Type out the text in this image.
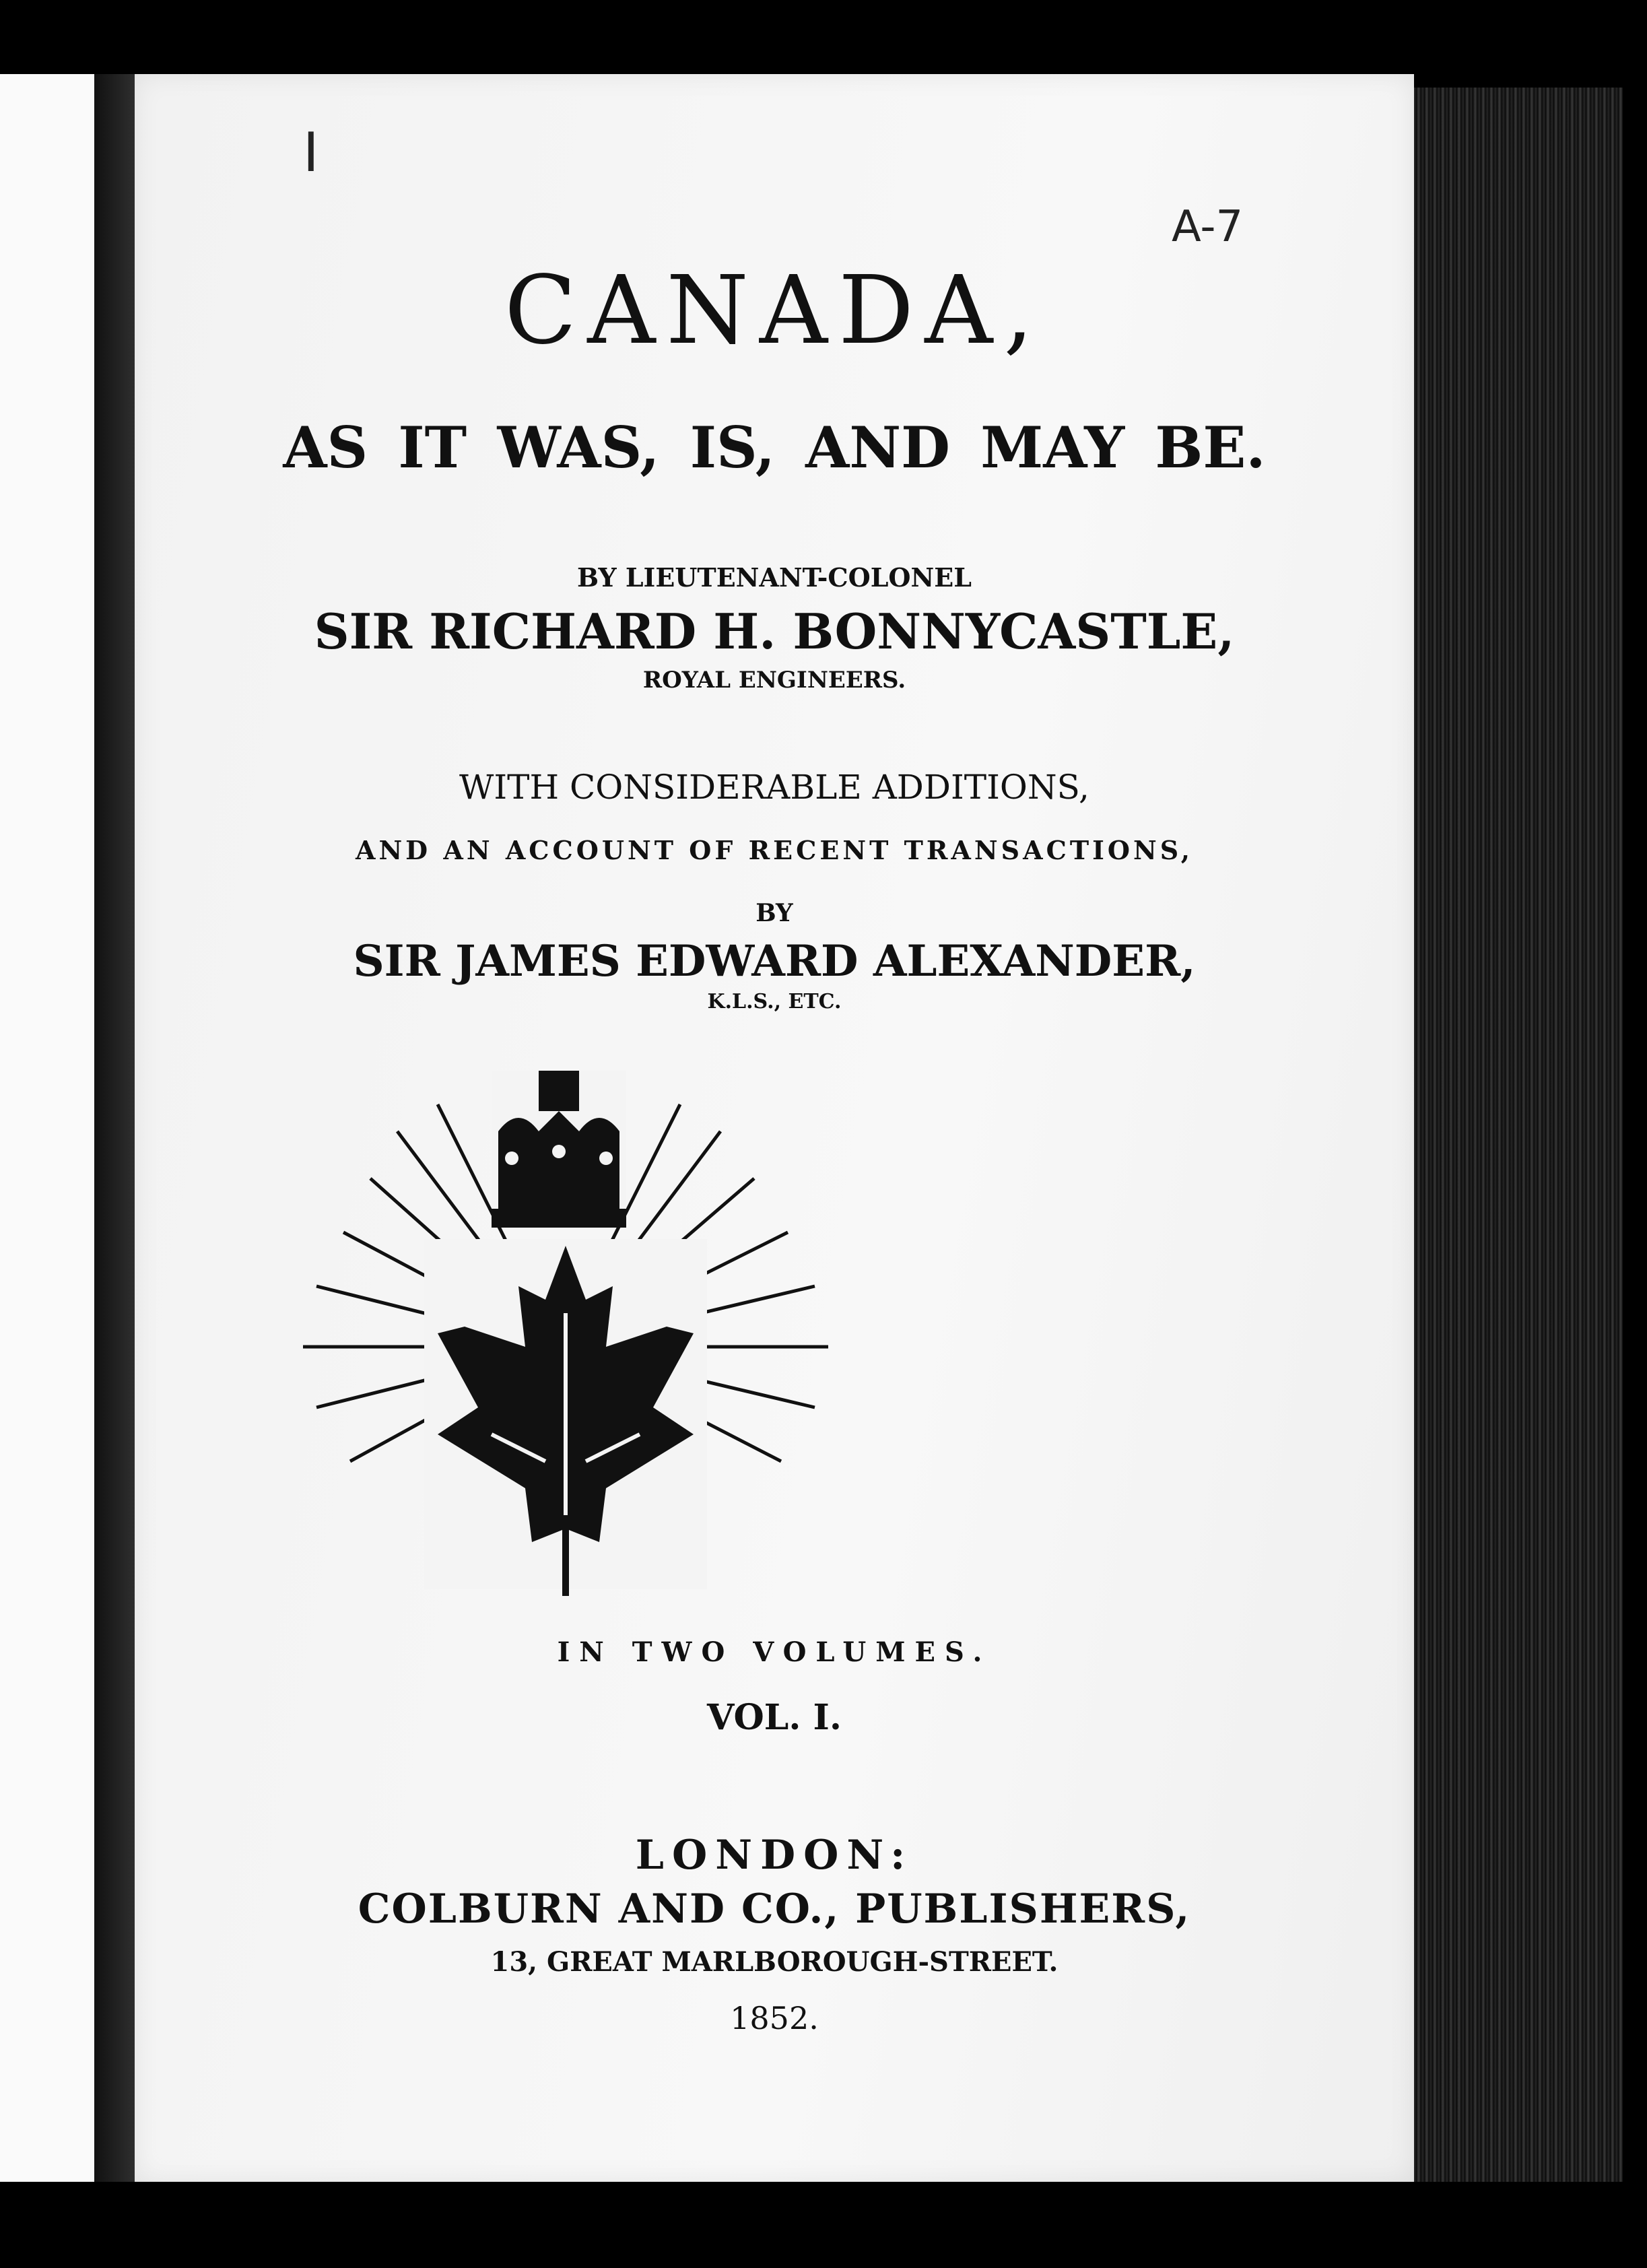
I
A-7
CANADA,
AS IT WAS, IS, AND MAY BE.
BY LIEUTENANT-COLONEL
SIR RICHARD H. BONNYCASTLE,
ROYAL ENGINEERS.
WITH CONSIDERABLE ADDITIONS,
AND AN ACCOUNT OF RECENT TRANSACTIONS,
BY
SIR JAMES EDWARD ALEXANDER,
K.L.S., ETC.
IN TWO VOLUMES.
VOL. I.
LONDON:
COLBURN AND CO., PUBLISHERS,
13, GREAT MARLBOROUGH-STREET.
1852.
